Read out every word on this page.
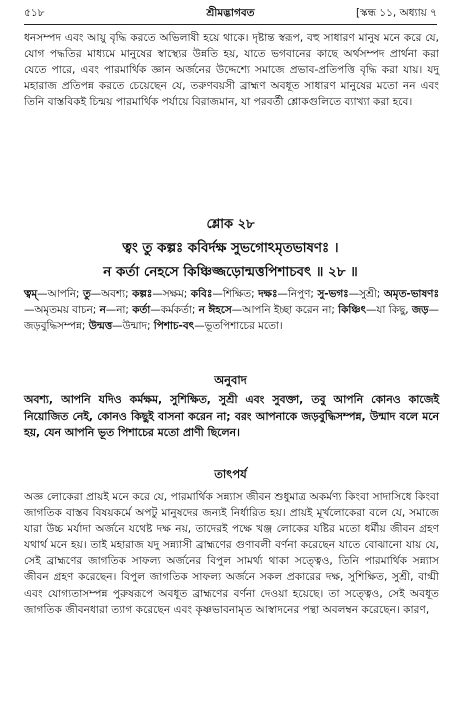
৫১৮	শ্রীমদ্ভাগবত	[স্কন্ধ ১১, অধ্যায় ৭
ধনসম্পদ এবং আয়ু বৃদ্ধি করতে অভিলাষী হয়ে থাকে। দৃষ্টান্ত স্বরূপ, বহু সাধারণ মানুষ মনে করে যে, যোগ পদ্ধতির মাধ্যমে মানুষের স্বাস্থ্যের উন্নতি হয়, যাতে ভগবানের কাছে অর্থসম্পদ প্রার্থনা করা যেতে পারে, এবং পারমার্থিক জ্ঞান অর্জনের উদ্দেশ্যে সমাজে প্রভাব-প্রতিপত্তি বৃদ্ধি করা যায়। যদু মহারাজ প্রতিপন্ন করতে চেয়েছেন যে, তরুণবয়সী ব্রাহ্মণ অবধূত সাধারণ মানুষের মতো নন এবং তিনি বাস্তবিকই চিন্ময় পারমার্থিক পর্যায়ে বিরাজমান, যা পরবর্তী শ্লোকগুলিতে ব্যাখ্যা করা হবে।
শ্লোক ২৮
ত্বং তু কল্পঃ কবির্দক্ষ সুভগোঽমৃতভাষণঃ ।
ন কর্তা নেহসে কিঞ্চিজ্জড়োন্মত্তপিশাচবৎ ॥ ২৮ ॥
ত্বম্—আপনি; তু—অবশ্য; কল্পঃ—সক্ষম; কবিঃ—শিক্ষিত; দক্ষঃ—নিপুণ; সু-ভগঃ—সুশ্রী; অমৃত-ভাষণঃ—অমৃতময় বাচন; ন—না; কর্তা—কর্মকর্তা; ন ঈহসে—আপনি ইচ্ছা করেন না; কিঞ্চিৎ—যা কিছু, জড়—জড়বুদ্ধিসম্পন্ন; উন্মত্ত—উন্মাদ; পিশাচ-বৎ—ভূতপিশাচের মতো।
অনুবাদ
অবশ্য, আপনি যদিও কর্মক্ষম, সুশিক্ষিত, সুশ্রী এবং সুবক্তা, তবু আপনি কোনও কাজেই নিয়োজিত নেই, কোনও কিছুই বাসনা করেন না; বরং আপনাকে জড়বুদ্ধিসম্পন্ন, উন্মাদ বলে মনে হয়, যেন আপনি ভূত পিশাচের মতো প্রাণী ছিলেন।
তাৎপর্য
অজ্ঞ লোকেরা প্রায়ই মনে করে যে, পারমার্থিক সন্ন্যাস জীবন শুধুমাত্র অকর্মণ্য কিংবা সাদাসিধে কিংবা জাগতিক বাস্তব বিষয়কর্মে অপটু মানুষদের জন্যই নির্ধারিত হয়। প্রায়ই মূর্খলোকেরা বলে যে, সমাজে যারা উচ্চ মর্যাদা অর্জনে যথেষ্ট দক্ষ নয়, তাদেরই পক্ষে খঞ্জ লোকের যষ্টির মতো ধর্মীয় জীবন গ্রহণ যথার্থ মনে হয়। তাই মহারাজ যদু সন্ন্যাসী ব্রাহ্মণের গুণাবলী বর্ণনা করেছেন যাতে বোঝানো যায় যে, সেই ব্রাহ্মণের জাগতিক সাফল্য অর্জনের বিপুল সামর্থ্য থাকা সত্ত্বেও, তিনি পারমার্থিক সন্ন্যাস জীবন গ্রহণ করেছেন। বিপুল জাগতিক সাফল্য অর্জনে সকল প্রকারের দক্ষ, সুশিক্ষিত, সুশ্রী, বাগ্মী এবং যোগ্যতাসম্পন্ন পুরুষরূপে অবধূত ব্রাহ্মণের বর্ণনা দেওয়া হয়েছে। তা সত্ত্বেও, সেই অবধূত জাগতিক জীবনধারা ত্যাগ করেছেন এবং কৃষ্ণভাবনামৃত আস্বাদনের পন্থা অবলম্বন করেছেন। কারণ,
